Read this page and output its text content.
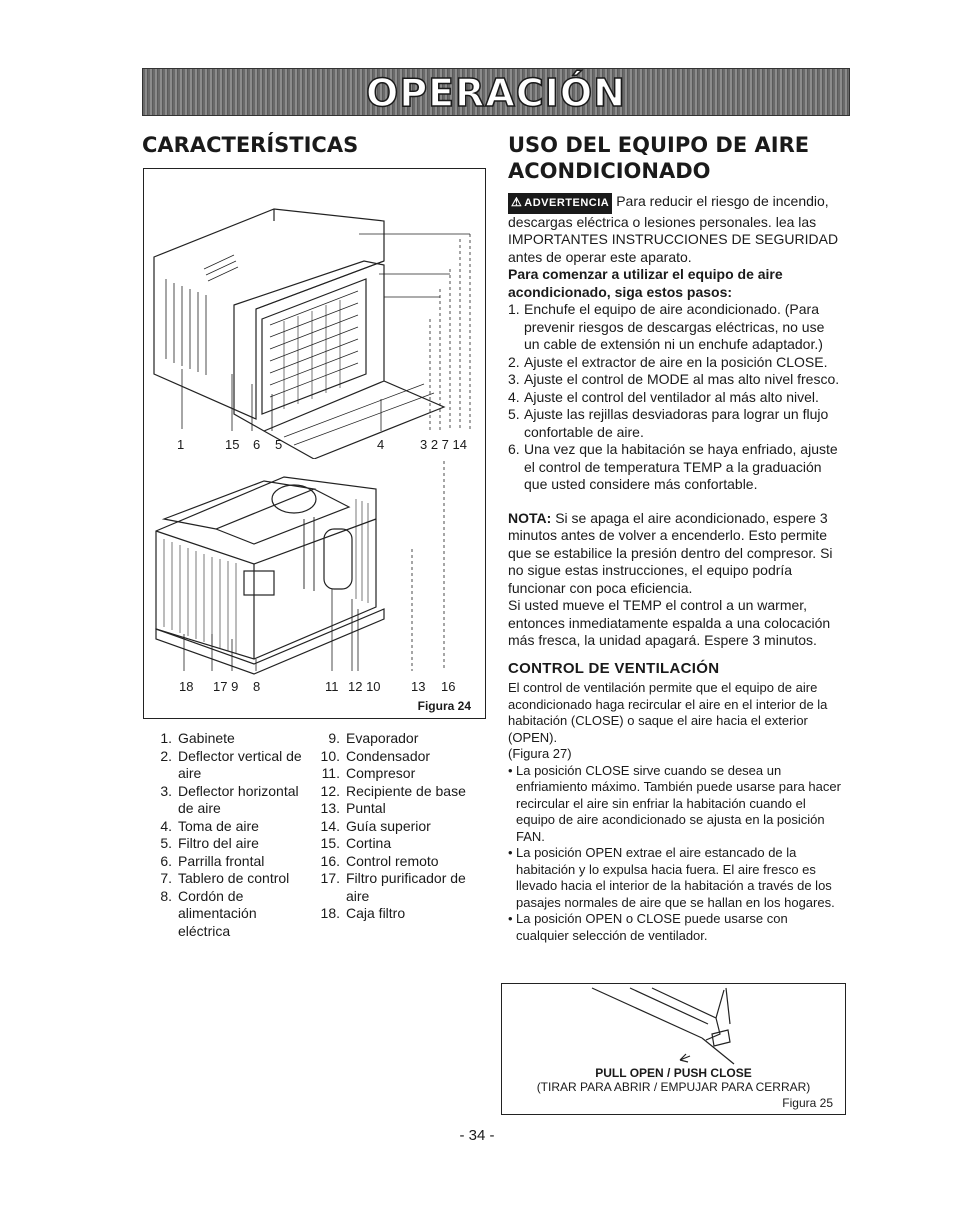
OPERACIÓN
CARACTERÍSTICAS
1	15 6 5	4	3 2 7 14
18 17 9 8	11 12 10 13 16
Figura 24
1. Gabinete
2. Deflector vertical de aire
3. Deflector horizontal de aire
4. Toma de aire
5. Filtro del aire
6. Parrilla frontal
7. Tablero de control
8. Cordón de alimentación eléctrica
9. Evaporador
10. Condensador
11. Compresor
12. Recipiente de base
13. Puntal
14. Guía superior
15. Cortina
16. Control remoto
17. Filtro purificador de aire
18. Caja filtro
USO DEL EQUIPO DE AIRE
ACONDICIONADO
⚠ ADVERTENCIA Para reducir el riesgo de incendio, descargas eléctrica o lesiones personales. lea las IMPORTANTES INSTRUCCIONES DE SEGURIDAD antes de operar este aparato.
Para comenzar a utilizar el equipo de aire acondicionado, siga estos pasos:
1. Enchufe el equipo de aire acondicionado. (Para prevenir riesgos de descargas eléctricas, no use un cable de extensión ni un enchufe adaptador.)
2. Ajuste el extractor de aire en la posición CLOSE.
3. Ajuste el control de MODE al mas alto nivel fresco.
4. Ajuste el control del ventilador al más alto nivel.
5. Ajuste las rejillas desviadoras para lograr un flujo confortable de aire.
6. Una vez que la habitación se haya enfriado, ajuste el control de temperatura TEMP a la graduación que usted considere más confortable.
NOTA: Si se apaga el aire acondicionado, espere 3 minutos antes de volver a encenderlo. Esto permite que se estabilice la presión dentro del compresor. Si no sigue estas instrucciones, el equipo podría funcionar con poca eficiencia.
Si usted mueve el TEMP el control a un warmer, entonces inmediatamente espalda a una colocación más fresca, la unidad apagará. Espere 3 minutos.
CONTROL DE VENTILACIÓN
El control de ventilación permite que el equipo de aire acondicionado haga recircular el aire en el interior de la habitación (CLOSE) o saque el aire hacia el exterior (OPEN).
(Figura 27)
• La posición CLOSE sirve cuando se desea un enfriamiento máximo. También puede usarse para hacer recircular el aire sin enfriar la habitación cuando el equipo de aire acondicionado se ajusta en la posición FAN.
• La posición OPEN extrae el aire estancado de la habitación y lo expulsa hacia fuera. El aire fresco es llevado hacia el interior de la habitación a través de los pasajes normales de aire que se hallan en los hogares.
• La posición OPEN o CLOSE puede usarse con cualquier selección de ventilador.
PULL OPEN / PUSH CLOSE
(TIRAR PARA ABRIR / EMPUJAR PARA CERRAR)
Figura 25
- 34 -
